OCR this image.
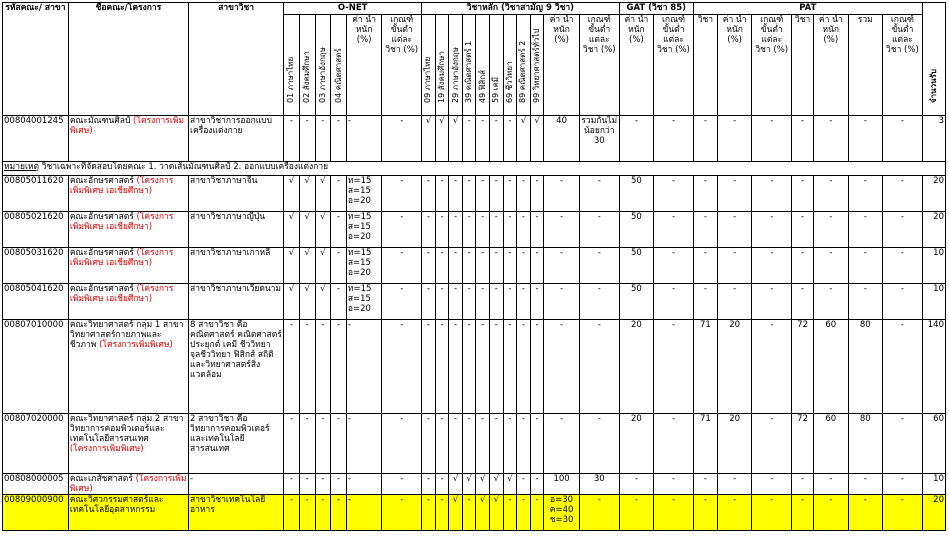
รหัสคณะ/ สาขา	ชื่อคณะ/โครงการ	สาขาวิชา	O-NET						วิชาหลัก (วิชาสามัญ 9 วิชา)											GAT (วิชา 85)		PAT							จำนวนรับ

			01 ภาษาไทย	02 สังคมศึกษา	03 ภาษาอังกฤษ	04 คณิตศาสตร์	ค่า น้ำหนัก (%)	เกณฑ์ ขั้นต่ำ แต่ละ วิชา (%)	09 ภาษาไทย	19 สังคมศึกษา	29 ภาษาอังกฤษ	39 คณิตศาสตร์ 1	49 ฟิสิกส์	59 เคมี	69 ชีววิทยา	89 คณิตศาสตร์ 2	99 วิทยาศาสตร์ทั่วไป	ค่า น้ำหนัก (%)	เกณฑ์ ขั้นต่ำ แต่ละ วิชา (%)	ค่า น้ำหนัก (%)	เกณฑ์ ขั้นต่ำ แต่ละ วิชา (%)	วิชา	ค่า น้ำหนัก (%)	เกณฑ์ ขั้นต่ำ แต่ละ วิชา (%)	วิชา	ค่า น้ำหนัก (%)	รวม	เกณฑ์ ขั้นต่ำ แต่ละ วิชา (%)	
00804001245	คณะมัณฑนศิลป์ (โครงการเพิ่มพิเศษ)	สาขาวิชาการออกแบบเครื่องแต่งกาย	-	-	-	-	-	-	√	√	√	-	-	-	-	√	√	40	รวมกันไม่น้อยกว่า 30	-	-	-	-	-	-	-	-	-	3
หมายเหตุ วิชาเฉพาะที่จัดสอบโดยคณะ 1. วาดเส้นมัณฑนศิลป์ 2. ออกแบบเครื่องแต่งกาย																													
00805011620	คณะอักษรศาสตร์ (โครงการเพิ่มพิเศษ เอเชียศึกษา)	สาขาวิชาภาษาจีน	√	√	√	-	ท=15 ส=15 อ=20	-	-	-	-	-	-	-	-	-	-	-	-	50	-	-	-	-	-	-	-	-	20
00805021620	คณะอักษรศาสตร์ (โครงการเพิ่มพิเศษ เอเชียศึกษา)	สาขาวิชาภาษาญี่ปุ่น	√	√	√	-	ท=15 ส=15 อ=20	-	-	-	-	-	-	-	-	-	-	-	-	50	-	-	-	-	-	-	-	-	20
00805031620	คณะอักษรศาสตร์ (โครงการเพิ่มพิเศษ เอเชียศึกษา)	สาขาวิชาภาษาเกาหลี	√	√	√	-	ท=15 ส=15 อ=20	-	-	-	-	-	-	-	-	-	-	-	-	50	-	-	-	-	-	-	-	-	10
00805041620	คณะอักษรศาสตร์ (โครงการเพิ่มพิเศษ เอเชียศึกษา)	สาขาวิชาภาษาเวียดนาม	√	√	√	-	ท=15 ส=15 อ=20	-	-	-	-	-	-	-	-	-	-	-	-	50	-	-	-	-	-	-	-	-	10
00807010000	คณะวิทยาศาสตร์ กลุ่ม 1 สาขาวิทยาศาสตร์กายภาพและชีวภาพ (โครงการเพิ่มพิเศษ)	8 สาขาวิชา คือ คณิตศาสตร์ คณิตศาสตร์ประยุกต์ เคมี ชีววิทยา จุลชีววิทยา ฟิสิกส์ สถิติ และวิทยาศาสตร์สิ่งแวดล้อม	-	-	-	-	-	-	-	-	-	-	-	-	-	-	-	-	-	20	-	71	20	-	72	60	80	-	140
00807020000	คณะวิทยาศาสตร์ กลุ่ม 2 สาขาวิทยาการคอมพิวเตอร์และเทคโนโลยีสารสนเทศ (โครงการเพิ่มพิเศษ)	2 สาขาวิชา คือ วิทยาการคอมพิวเตอร์ และเทคโนโลยีสารสนเทศ	-	-	-	-	-	-	-	-	-	-	-	-	-	-	-	-	-	20	-	71	20	-	72	60	80	-	60
00808000005	คณะเภสัชศาสตร์ (โครงการเพิ่มพิเศษ)	-	-	-	-	-	-	-	-	-	√	√	√	√	√	-	-	100	30	-	-	-	-	-	-	-	-	-	10
00809000900	คณะวิศวกรรมศาสตร์และเทคโนโลยีอุตสาหกรรม	สาขาวิชาเทคโนโลยีอาหาร	-	-	-	-	-	-	-	-	√	-	√	√	-	-	-	อ=30 ค=40 ช=30	-	-	-	-	-	-	-	-	-	-	20
